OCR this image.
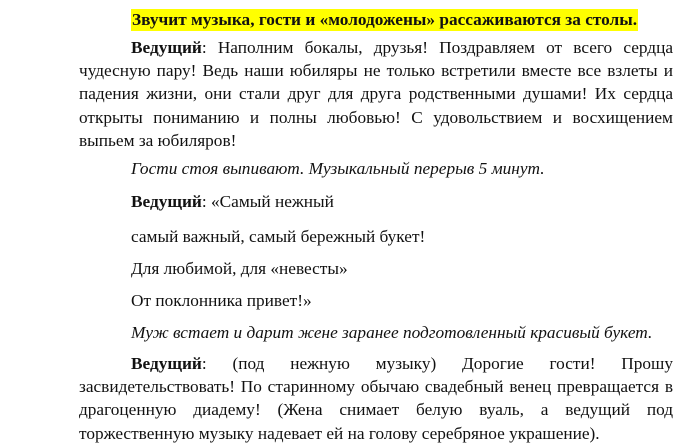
Звучит музыка, гости и «молодожены» рассаживаются за столы.

Ведущий: Наполним бокалы, друзья! Поздравляем от всего сердца чудесную пару! Ведь наши юбиляры не только встретили вместе все взлеты и падения жизни, они стали друг для друга родственными душами! Их сердца открыты пониманию и полны любовью! С удовольствием и восхищением выпьем за юбиляров!

Гости стоя выпивают. Музыкальный перерыв 5 минут.

Ведущий: «Самый нежный

самый важный, самый бережный букет!

Для любимой, для «невесты»

От поклонника привет!»

Муж встает и дарит жене заранее подготовленный красивый букет.

Ведущий: (под нежную музыку) Дорогие гости! Прошу засвидетельствовать! По старинному обычаю свадебный венец превращается в драгоценную диадему! (Жена снимает белую вуаль, а ведущий под торжественную музыку надевает ей на голову серебряное украшение).
